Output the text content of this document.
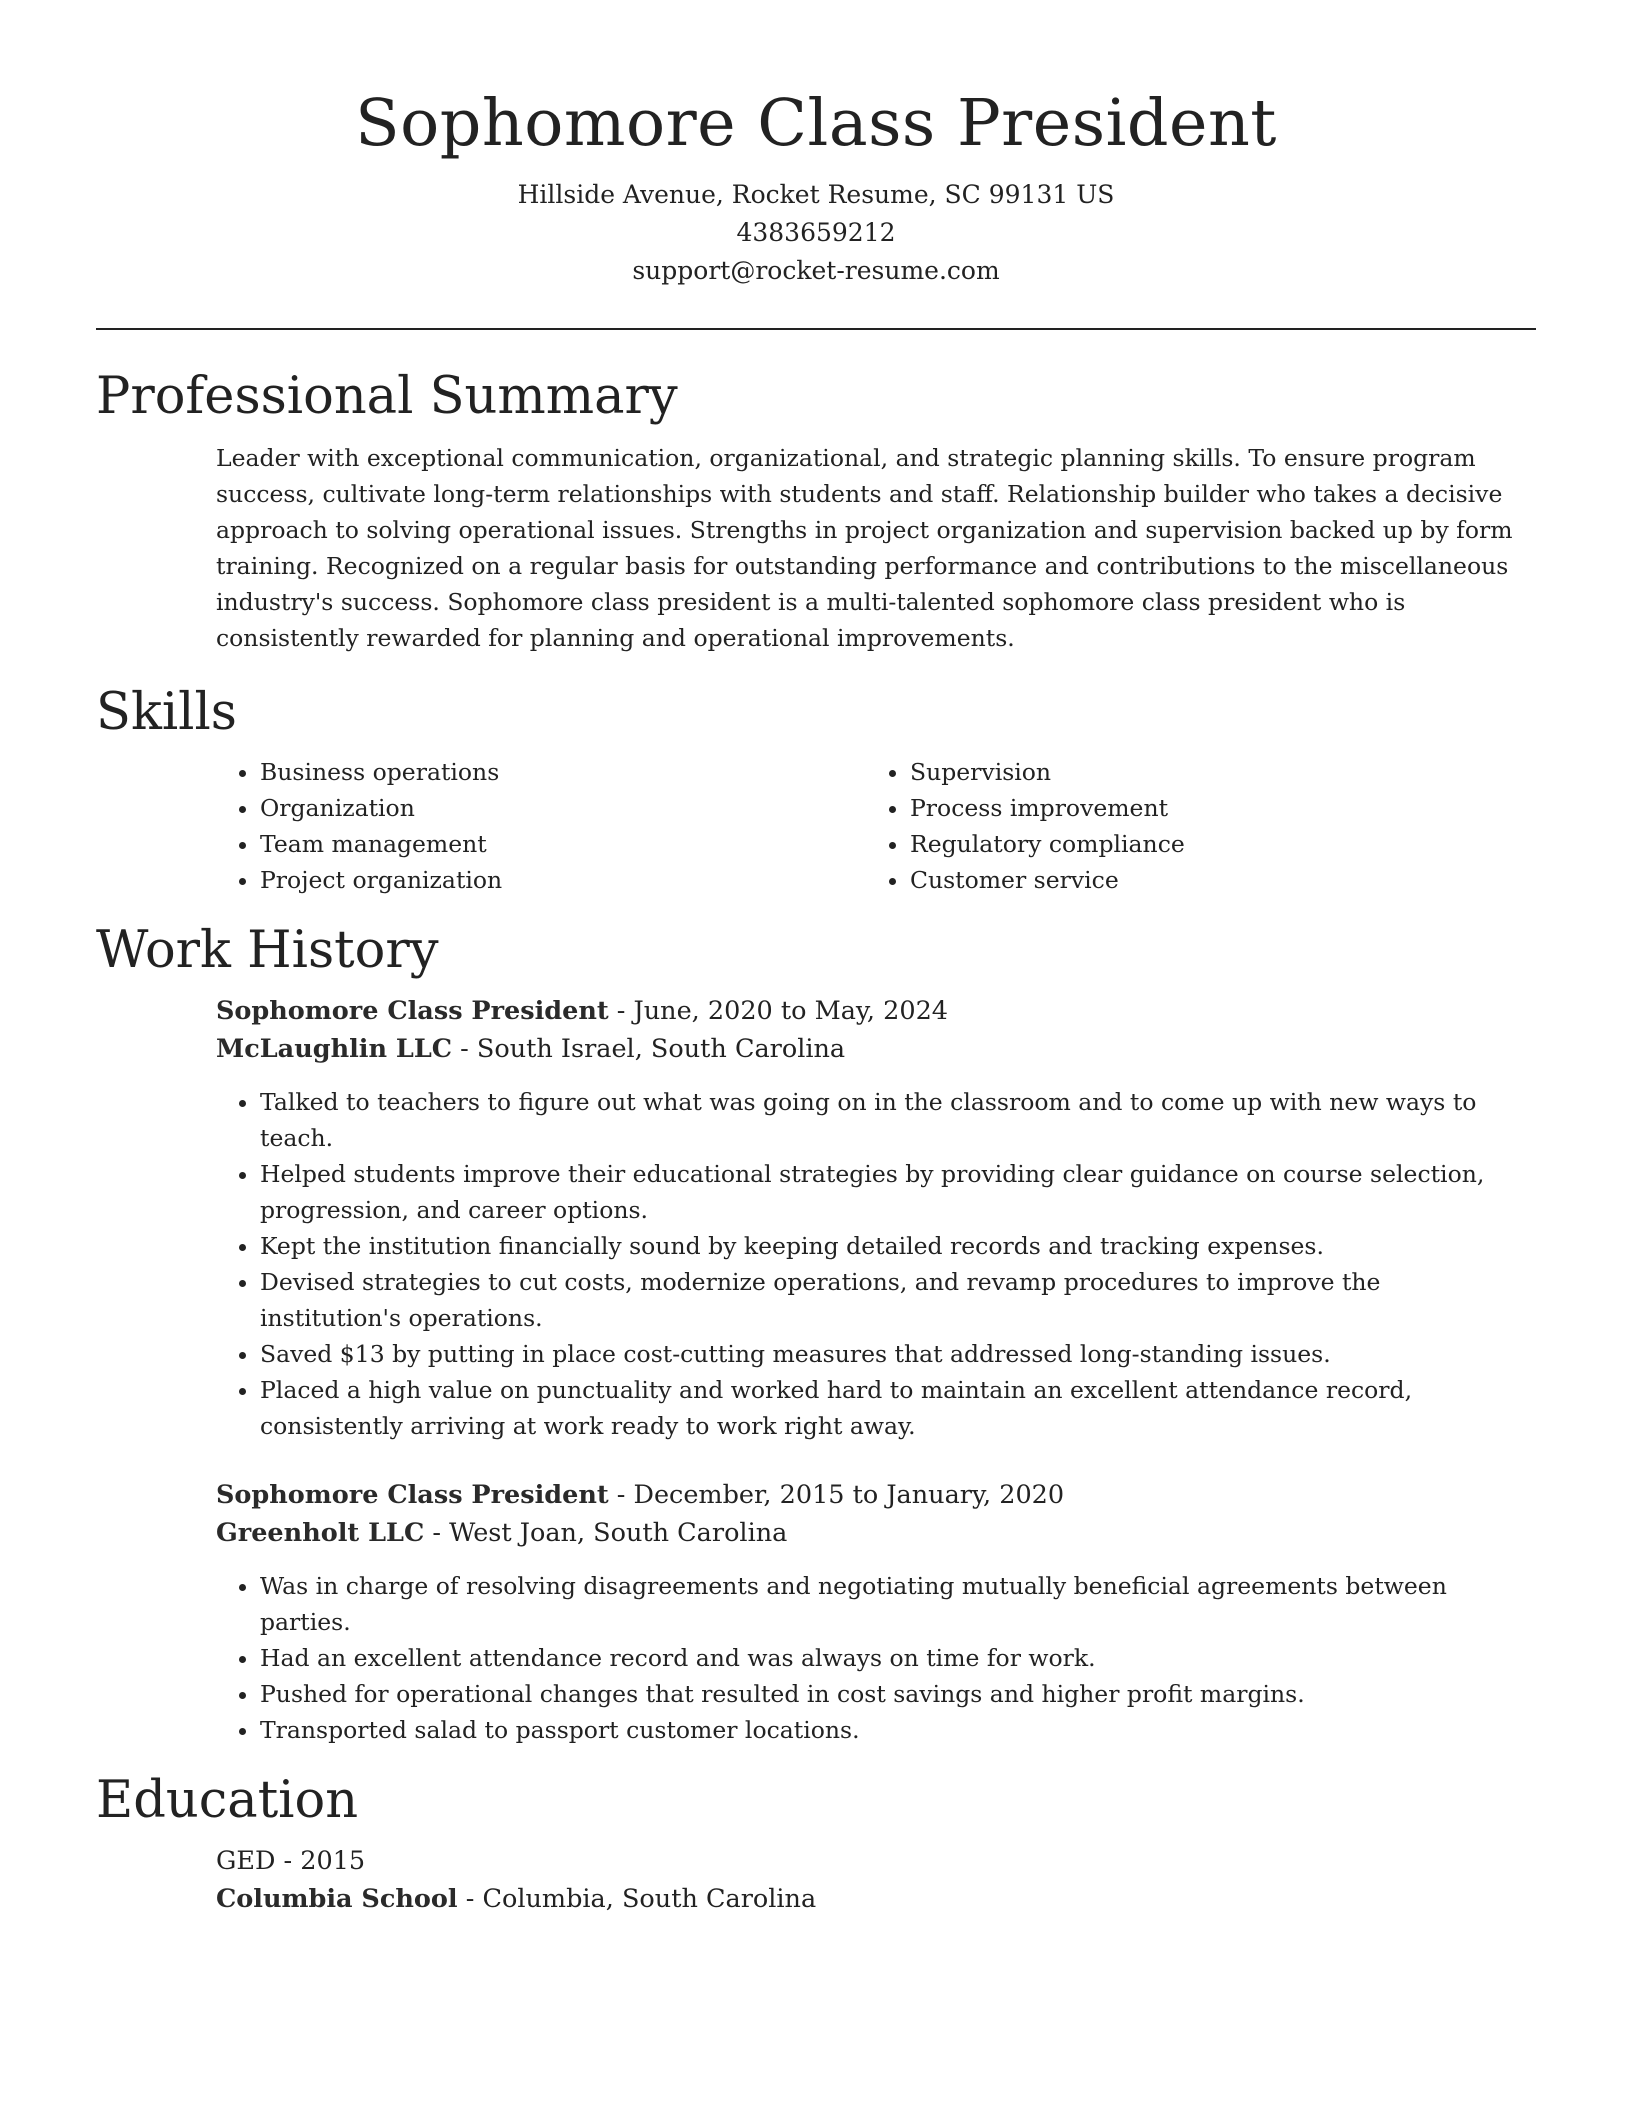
Sophomore Class President

Hillside Avenue, Rocket Resume, SC 99131 US

4383659212

support@rocket-resume.com

Professional Summary

Leader with exceptional communication, organizational, and strategic planning skills. To ensure program success, cultivate long-term relationships with students and staff. Relationship builder who takes a decisive approach to solving operational issues. Strengths in project organization and supervision backed up by form training. Recognized on a regular basis for outstanding performance and contributions to the miscellaneous industry's success. Sophomore class president is a multi-talented sophomore class president who is consistently rewarded for planning and operational improvements.

Skills
• Business operations
• Organization
• Team management
• Project organization
• Supervision
• Process improvement
• Regulatory compliance
• Customer service
Work History

Sophomore Class President - June, 2020 to May, 2024

McLaughlin LLC - South Israel, South Carolina

• Talked to teachers to figure out what was going on in the classroom and to come up with new ways to teach.
• Helped students improve their educational strategies by providing clear guidance on course selection, progression, and career options.
• Kept the institution financially sound by keeping detailed records and tracking expenses.
• Devised strategies to cut costs, modernize operations, and revamp procedures to improve the institution's operations.
• Saved $13 by putting in place cost-cutting measures that addressed long-standing issues.
• Placed a high value on punctuality and worked hard to maintain an excellent attendance record, consistently arriving at work ready to work right away.

Sophomore Class President - December, 2015 to January, 2020

Greenholt LLC - West Joan, South Carolina

• Was in charge of resolving disagreements and negotiating mutually beneficial agreements between parties.
• Had an excellent attendance record and was always on time for work.
• Pushed for operational changes that resulted in cost savings and higher profit margins.
• Transported salad to passport customer locations.
Education

GED - 2015

Columbia School - Columbia, South Carolina
